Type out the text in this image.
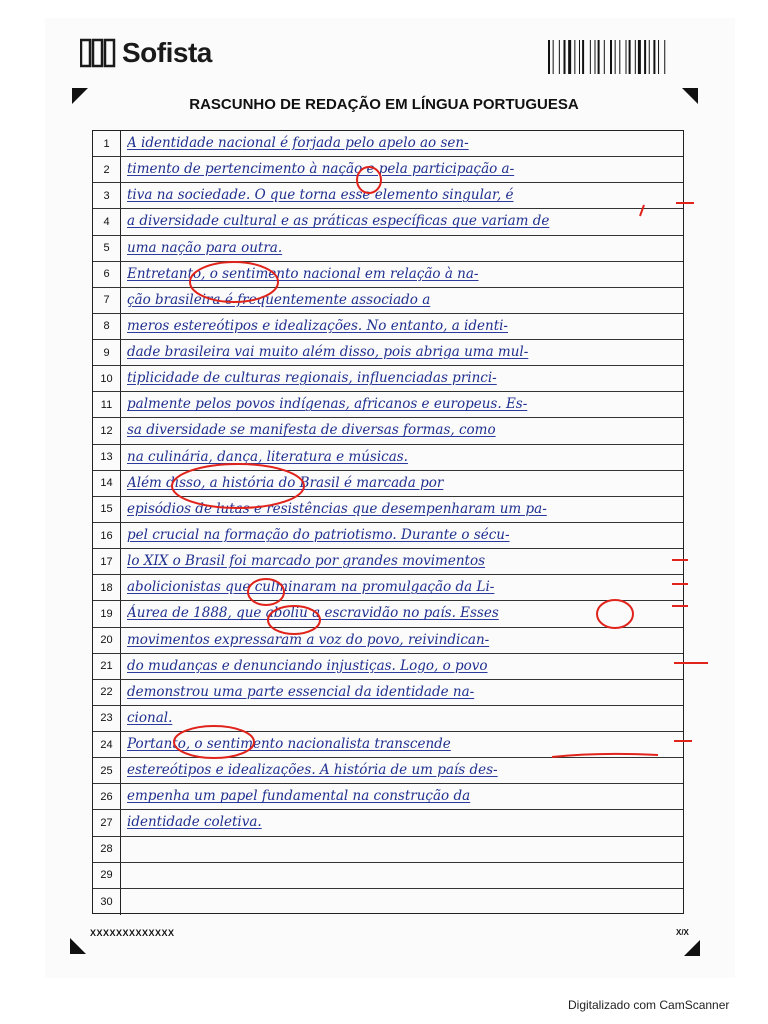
Sofista
RASCUNHO DE REDAÇÃO EM LÍNGUA PORTUGUESA
1	A identidade nacional é forjada pelo apelo ao sen-
2	timento de pertencimento à nação e pela participação a-
3	tiva na sociedade. O que torna esse elemento singular, é
4	a diversidade cultural e as práticas específicas que variam de
5	uma nação para outra.
6	Entretanto, o sentimento nacional em relação à na-
7	ção brasileira é frequentemente associado a
8	meros estereótipos e idealizações. No entanto, a identi-
9	dade brasileira vai muito além disso, pois abriga uma mul-
10	tiplicidade de culturas regionais, influenciadas princi-
11	palmente pelos povos indígenas, africanos e europeus. Es-
12	sa diversidade se manifesta de diversas formas, como
13	na culinária, dança, literatura e músicas.
14	Além disso, a história do Brasil é marcada por
15	episódios de lutas e resistências que desempenharam um pa-
16	pel crucial na formação do patriotismo. Durante o sécu-
17	lo XIX o Brasil foi marcado por grandes movimentos
18	abolicionistas que culminaram na promulgação da Li-
19	Áurea de 1888, que aboliu a escravidão no país. Esses
20	movimentos expressaram a voz do povo, reivindican-
21	do mudanças e denunciando injustiças. Logo, o povo
22	demonstrou uma parte essencial da identidade na-
23	cional.
24	Portanto, o sentimento nacionalista transcende
25	estereótipos e idealizações. A história de um país des-
26	empenha um papel fundamental na construção da
27	identidade coletiva.
28
29
30
XXXXXXXXXXXXX	X/X
Digitalizado com CamScanner
